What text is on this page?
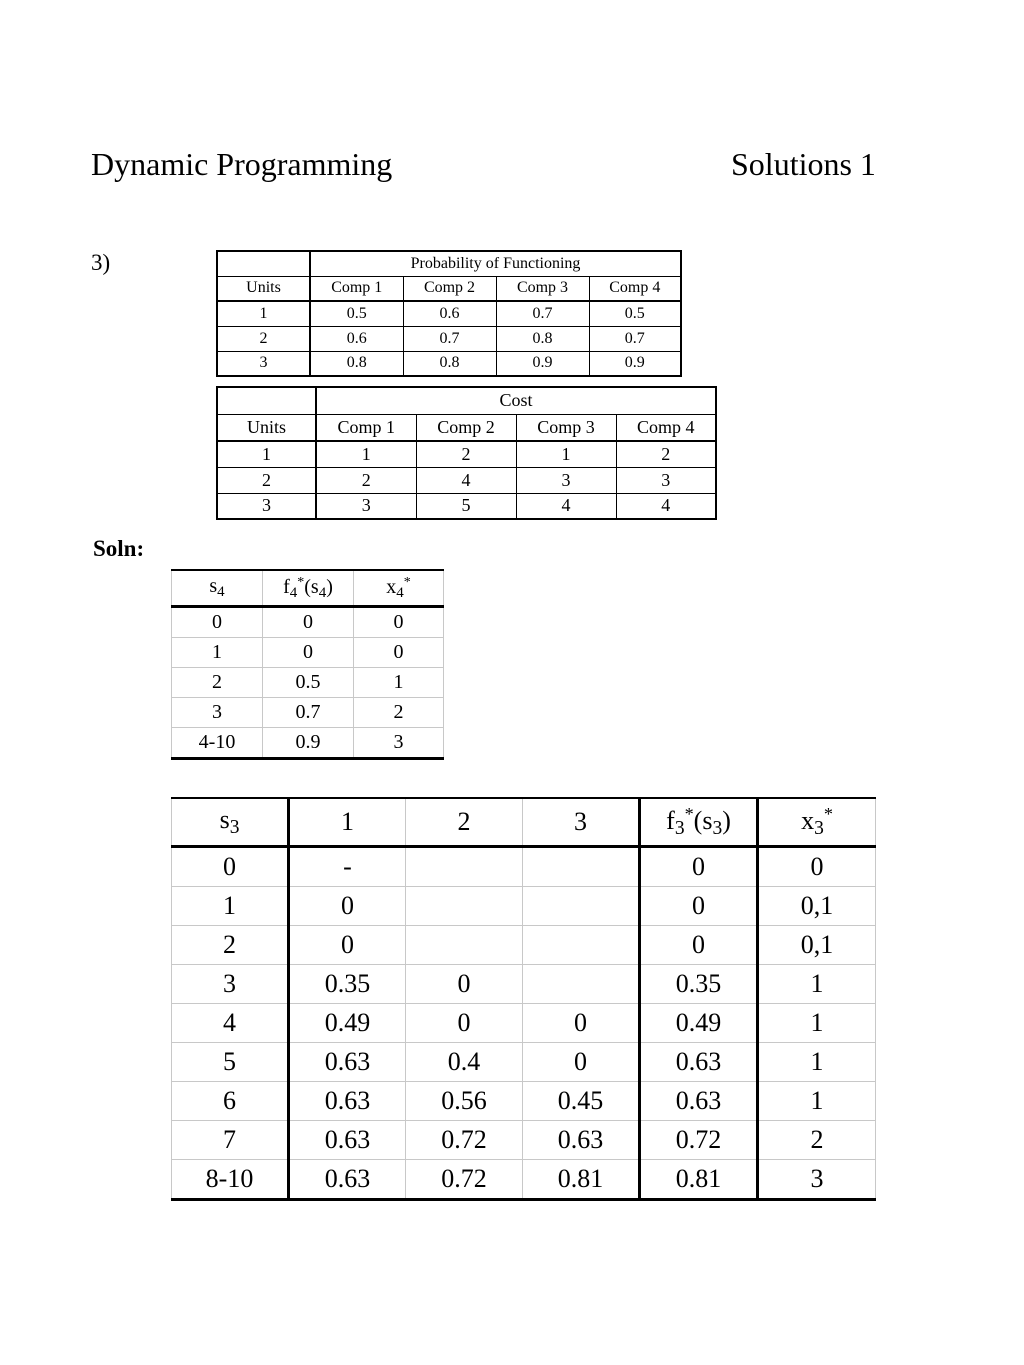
Dynamic Programming	Solutions 1
3)
		Probability of Functioning			
Units	Comp 1	Comp 2	Comp 3	Comp 4
1	0.5	0.6	0.7	0.5
2	0.6	0.7	0.8	0.7
3	0.8	0.8	0.9	0.9
	Cost			
Units	Comp 1	Comp 2	Comp 3	Comp 4
1	1	2	1	2
2	2	4	3	3
3	3	5	4	4
Soln:
$s_4$	$f_4^*(s_4)$	$x_4^*$
0	0	0
1	0	0
2	0.5	1
3	0.7	2
4-10	0.9	3
$s_3$	1	2	3	$f_3^*(s_3)$	$x_3^*$
0	-			0	0
1	0			0	0,1
2	0			0	0,1
3	0.35	0		0.35	1
4	0.49	0	0	0.49	1
5	0.63	0.4	0	0.63	1
6	0.63	0.56	0.45	0.63	1
7	0.63	0.72	0.63	0.72	2
8-10	0.63	0.72	0.81	0.81	3
